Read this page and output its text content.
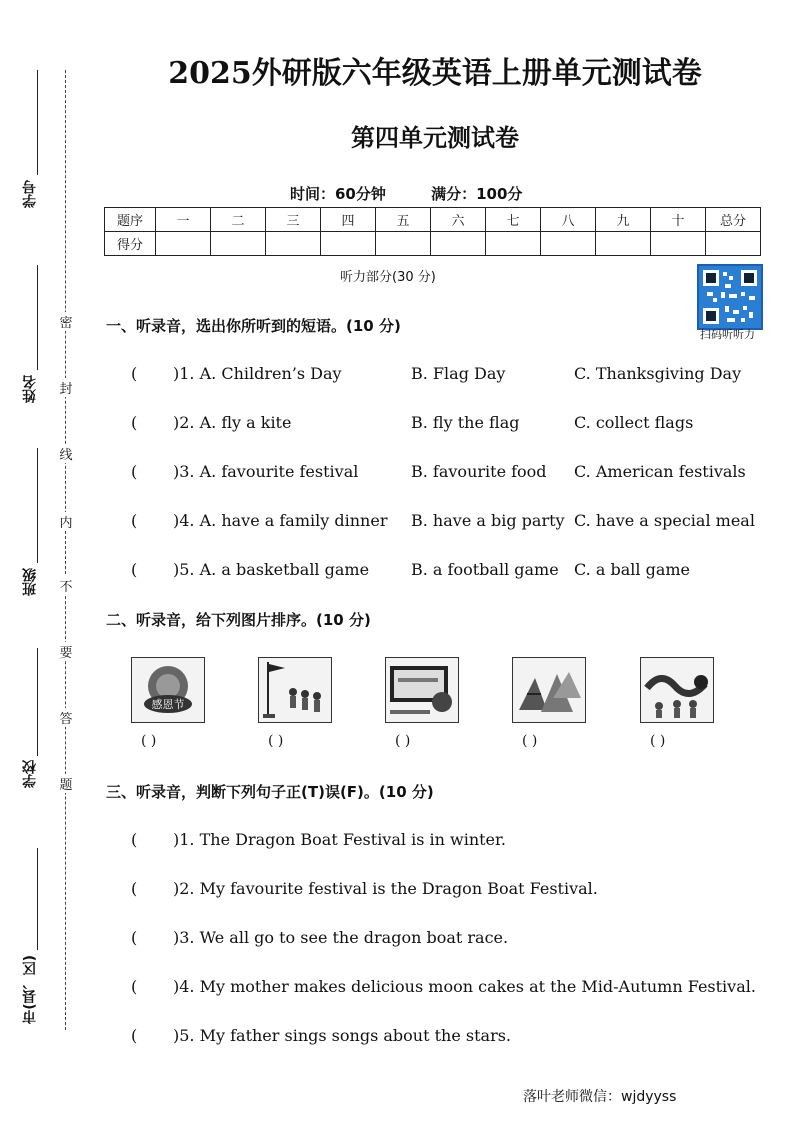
学号
姓名
班级
学校
市(县、区)
密
封
线
内
不
要
答
题
2025外研版六年级英语上册单元测试卷
第四单元测试卷
时间：60分钟	满分：100分
题序	一	二	三	四	五	六	七	八	九	十	总分
得分											
听力部分(30 分)
扫码听听力
一、听录音，选出你所听到的短语。(10 分)
( )1. A. Children’s Day	B. Flag Day	C. Thanksgiving Day
( )2. A. fly a kite	B. fly the flag	C. collect flags
( )3. A. favourite festival	B. favourite food C. American festivals
( )4. A. have a family dinner B. have a big party C. have a special meal
( )5. A. a basketball game	B. a football game C. a ball game
二、听录音，给下列图片排序。(10 分)
感恩节
( )	( )	( )	( )	( )
三、听录音，判断下列句子正(T)误(F)。(10 分)
( )1. The Dragon Boat Festival is in winter.
( )2. My favourite festival is the Dragon Boat Festival.
( )3. We all go to see the dragon boat race.
( )4. My mother makes delicious moon cakes at the Mid-Autumn Festival.
( )5. My father sings songs about the stars.
落叶老师微信：wjdyyss
